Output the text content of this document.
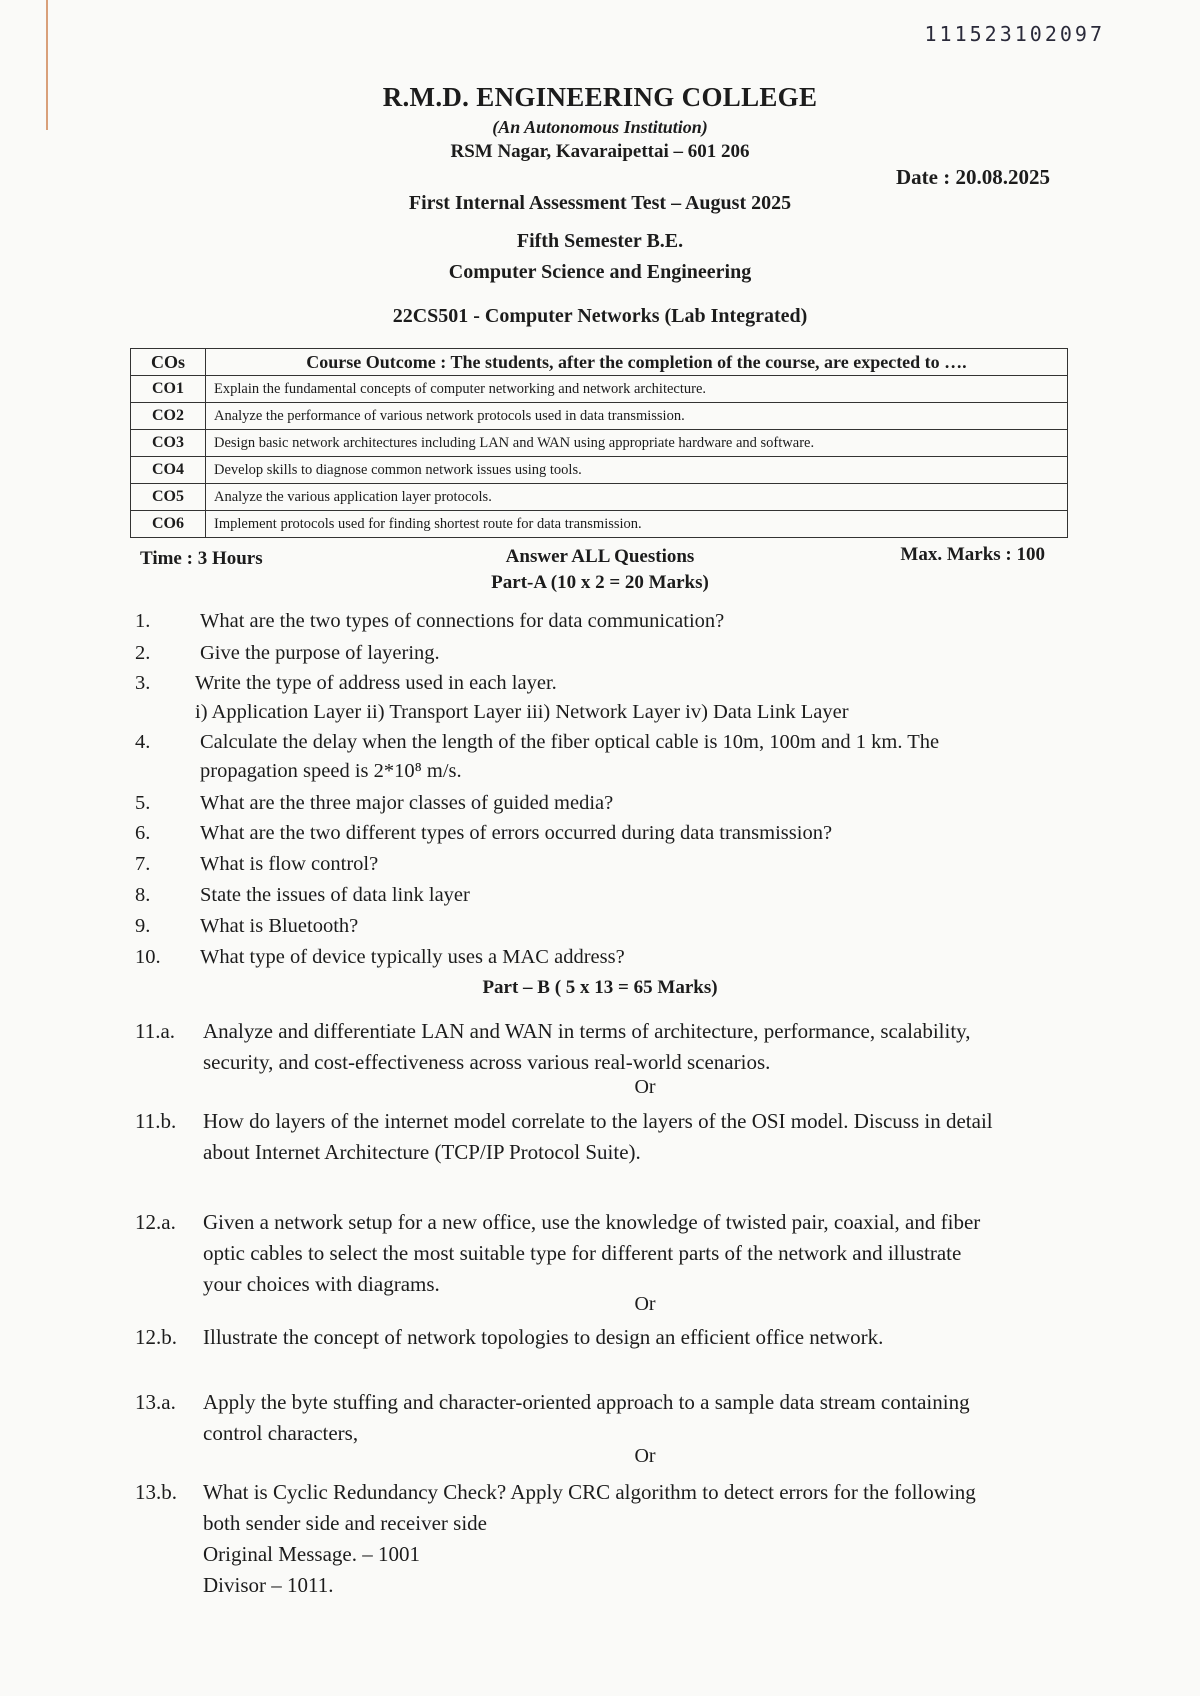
111523102097
R.M.D. ENGINEERING COLLEGE
(An Autonomous Institution)
RSM Nagar, Kavaraipettai – 601 206
Date : 20.08.2025
First Internal Assessment Test – August 2025
Fifth Semester B.E.
Computer Science and Engineering
22CS501 - Computer Networks (Lab Integrated)
COs	Course Outcome : The students, after the completion of the course, are expected to ….
CO1	Explain the fundamental concepts of computer networking and network architecture.
CO2	Analyze the performance of various network protocols used in data transmission.
CO3	Design basic network architectures including LAN and WAN using appropriate hardware and software.
CO4	Develop skills to diagnose common network issues using tools.
CO5	Analyze the various application layer protocols.
CO6	Implement protocols used for finding shortest route for data transmission.
Time : 3 Hours	Answer ALL Questions	Max. Marks : 100
Part-A (10 x 2 = 20 Marks)
1.	What are the two types of connections for data communication?
2.	Give the purpose of layering.
3.	Write the type of address used in each layer.
i) Application Layer ii) Transport Layer iii) Network Layer iv) Data Link Layer
4.	Calculate the delay when the length of the fiber optical cable is 10m, 100m and 1 km. The
propagation speed is 2*10⁸ m/s.
5.	What are the three major classes of guided media?
6.	What are the two different types of errors occurred during data transmission?
7.	What is flow control?
8.	State the issues of data link layer
9.	What is Bluetooth?
10.	What type of device typically uses a MAC address?
Part – B ( 5 x 13 = 65 Marks)
11.a.	Analyze and differentiate LAN and WAN in terms of architecture, performance, scalability,
security, and cost-effectiveness across various real-world scenarios.
Or
11.b.	How do layers of the internet model correlate to the layers of the OSI model. Discuss in detail
about Internet Architecture (TCP/IP Protocol Suite).
12.a.	Given a network setup for a new office, use the knowledge of twisted pair, coaxial, and fiber
optic cables to select the most suitable type for different parts of the network and illustrate
your choices with diagrams.
Or
12.b.	Illustrate the concept of network topologies to design an efficient office network.
13.a.	Apply the byte stuffing and character-oriented approach to a sample data stream containing
control characters,
Or
13.b.	What is Cyclic Redundancy Check? Apply CRC algorithm to detect errors for the following
both sender side and receiver side
Original Message. – 1001
Divisor – 1011.
